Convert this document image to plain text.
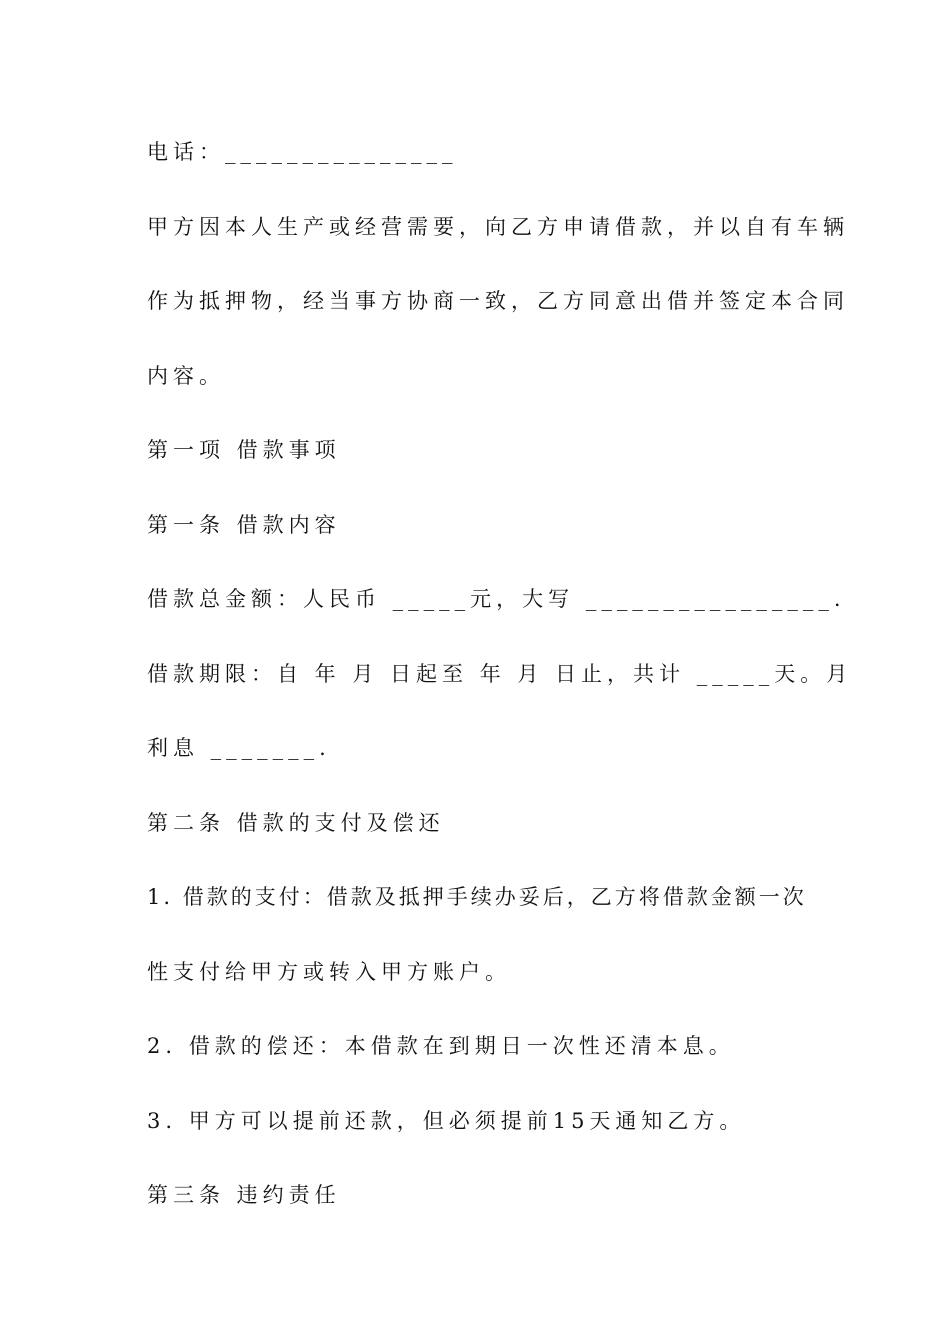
电话：_______________
甲方因本人生产或经营需要，向乙方申请借款，并以自有车辆
作为抵押物，经当事方协商一致，乙方同意出借并签定本合同
内容。
第一项 借款事项
第一条 借款内容
借款总金额：人民币 _____元，大写 ________________.
借款期限：自 年 月 日起至 年 月 日止，共计 _____天。月
利息 _______.
第二条 借款的支付及偿还
1. 借款的支付：借款及抵押手续办妥后，乙方将借款金额一次
性支付给甲方或转入甲方账户。
2. 借款的偿还：本借款在到期日一次性还清本息。
3. 甲方可以提前还款，但必须提前15天通知乙方。
第三条 违约责任
